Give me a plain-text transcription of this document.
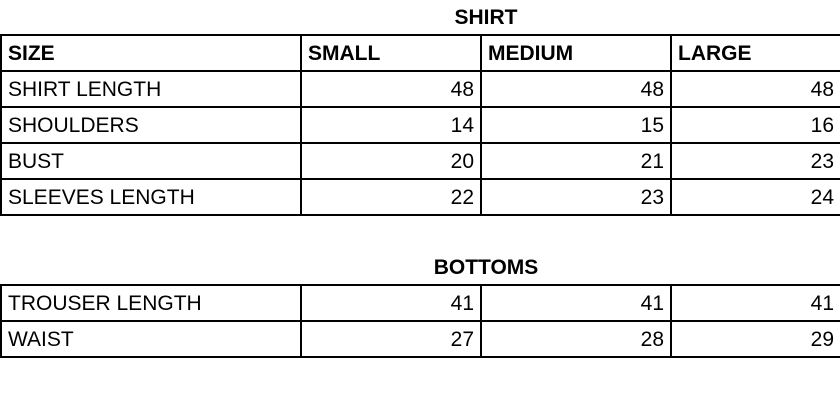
	SHIRT		
SIZE	SMALL	MEDIUM	LARGE
SHIRT LENGTH	48	48	48
SHOULDERS	14	15	16
BUST	20	21	23
SLEEVES LENGTH	22	23	24

	BOTTOMS		
TROUSER LENGTH	41	41	41
WAIST	27	28	29
